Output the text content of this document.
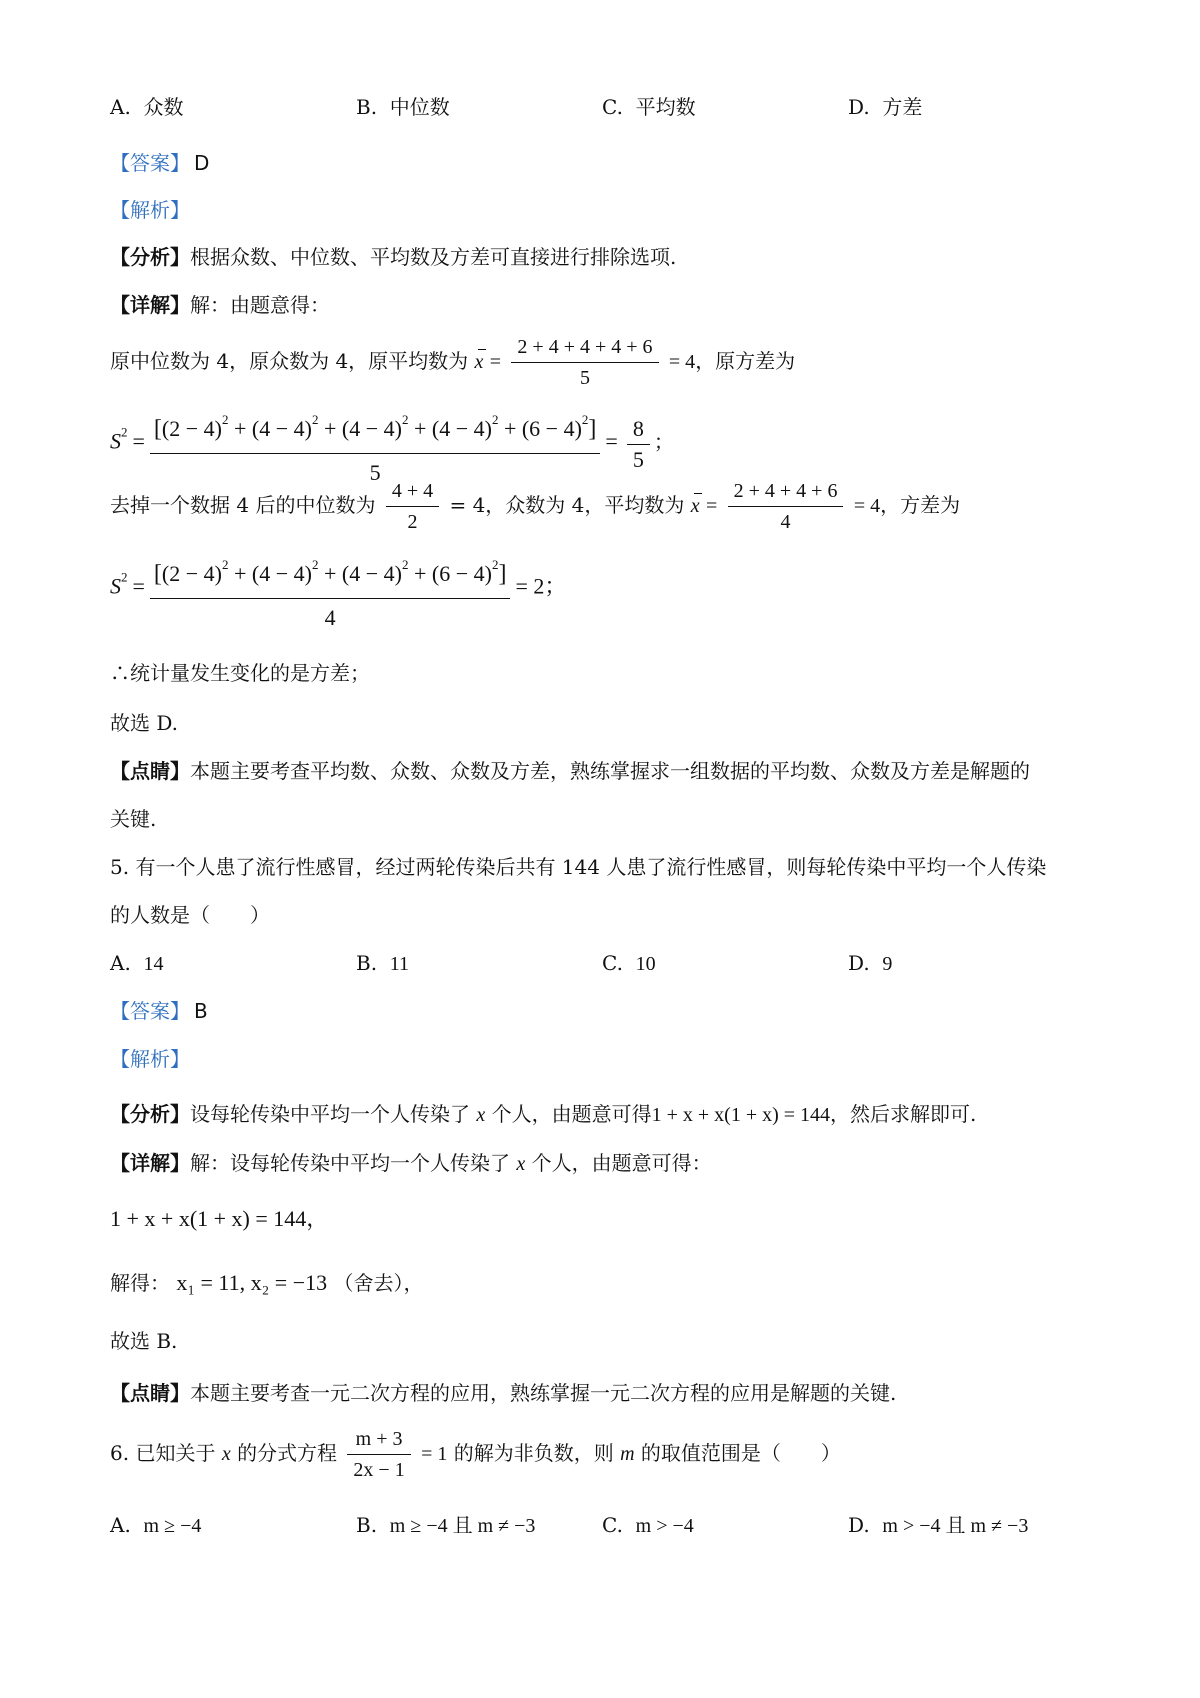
A. 众数	B. 中位数	C. 平均数	D. 方差
【答案】 D
【解析】
【分析】根据众数、中位数、平均数及方差可直接进行排除选项.
【详解】解：由题意得：
原中位数为 4，原众数为 4，原平均数为 $x = \frac{2 + 4 + 4 + 4 + 6}{5} = 4$，原方差为
$S^2 = [(2 - 4)^2 + (4 - 4)^2 + (4 - 4)^2 + (4 - 4)^2 + (6 - 4)^2]$
5
= $\frac{8}{5}$ ；
去掉一个数据 4 后的中位数为 $\frac{4 + 4}{2} = 4$，众数为 4，平均数为 $x = \frac{2 + 4 + 4 + 6}{4} = 4$，方差为
$S^2 = [(2 - 4)^2 + (4 - 4)^2 + (4 - 4)^2 + (6 - 4)^2]$
4
= 2；
∴统计量发生变化的是方差；
故选 D.
【点睛】本题主要考查平均数、众数、众数及方差，熟练掌握求一组数据的平均数、众数及方差是解题的
关键.
5. 有一个人患了流行性感冒，经过两轮传染后共有 144 人患了流行性感冒，则每轮传染中平均一个人传染
的人数是（　　）
A. 14	B. 11	C. 10	D. 9
【答案】 B
【解析】
【分析】设每轮传染中平均一个人传染了 x 个人，由题意可得1 + x + x(1 + x) = 144，然后求解即可.
【详解】解：设每轮传染中平均一个人传染了 x 个人，由题意可得：
1 + x + x(1 + x) = 144，
解得： x₁ = 11, x₂ = −13 （舍去），
故选 B.
【点睛】本题主要考查一元二次方程的应用，熟练掌握一元二次方程的应用是解题的关键.
6. 已知关于 x 的分式方程 $\frac{m + 3}{2x - 1} = 1$ 的解为非负数，则 m 的取值范围是（　　）
A. m ≥ −4	B. m ≥ −4 且 m ≠ −3	C. m > −4	D. m > −4 且 m ≠ −3
